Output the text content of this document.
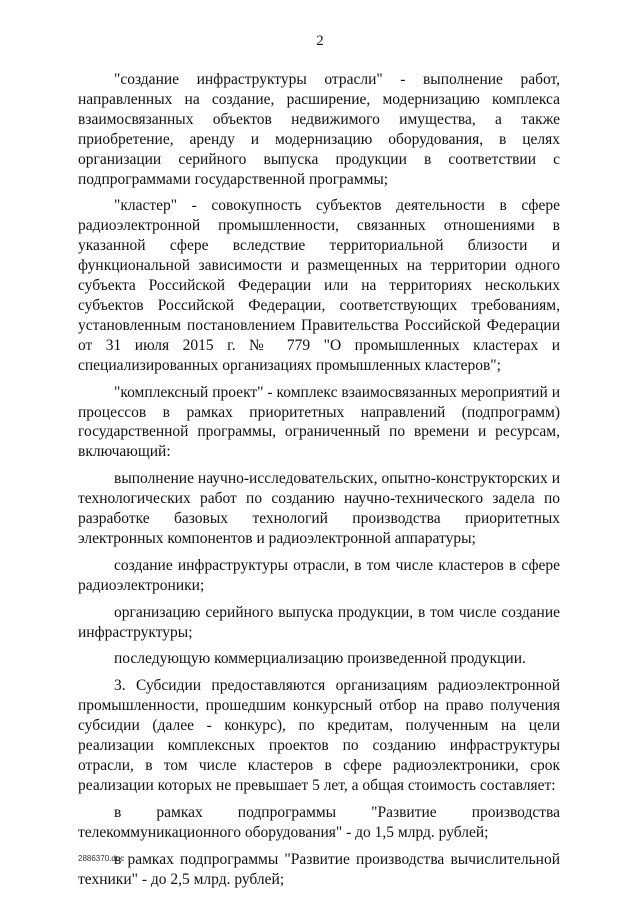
2

"создание инфраструктуры отрасли" - выполнение работ, направленных на создание, расширение, модернизацию комплекса взаимосвязанных объектов недвижимого имущества, а также приобретение, аренду и модернизацию оборудования, в целях организации серийного выпуска продукции в соответствии с подпрограммами государственной программы;

"кластер" - совокупность субъектов деятельности в сфере радиоэлектронной промышленности, связанных отношениями в указанной сфере вследствие территориальной близости и функциональной зависимости и размещенных на территории одного субъекта Российской Федерации или на территориях нескольких субъектов Российской Федерации, соответствующих требованиям, установленным постановлением Правительства Российской Федерации от 31 июля 2015 г. № 779 "О промышленных кластерах и специализированных организациях промышленных кластеров";

"комплексный проект" - комплекс взаимосвязанных мероприятий и процессов в рамках приоритетных направлений (подпрограмм) государственной программы, ограниченный по времени и ресурсам, включающий:

выполнение научно-исследовательских, опытно-конструкторских и технологических работ по созданию научно-технического задела по разработке базовых технологий производства приоритетных электронных компонентов и радиоэлектронной аппаратуры;

создание инфраструктуры отрасли, в том числе кластеров в сфере радиоэлектроники;

организацию серийного выпуска продукции, в том числе создание инфраструктуры;

последующую коммерциализацию произведенной продукции.

3. Субсидии предоставляются организациям радиоэлектронной промышленности, прошедшим конкурсный отбор на право получения субсидии (далее - конкурс), по кредитам, полученным на цели реализации комплексных проектов по созданию инфраструктуры отрасли, в том числе кластеров в сфере радиоэлектроники, срок реализации которых не превышает 5 лет, а общая стоимость составляет:

в рамках подпрограммы "Развитие производства телекоммуникационного оборудования" - до 1,5 млрд. рублей;

в рамках подпрограммы "Развитие производства вычислительной техники" - до 2,5 млрд. рублей;

2886370.doc
